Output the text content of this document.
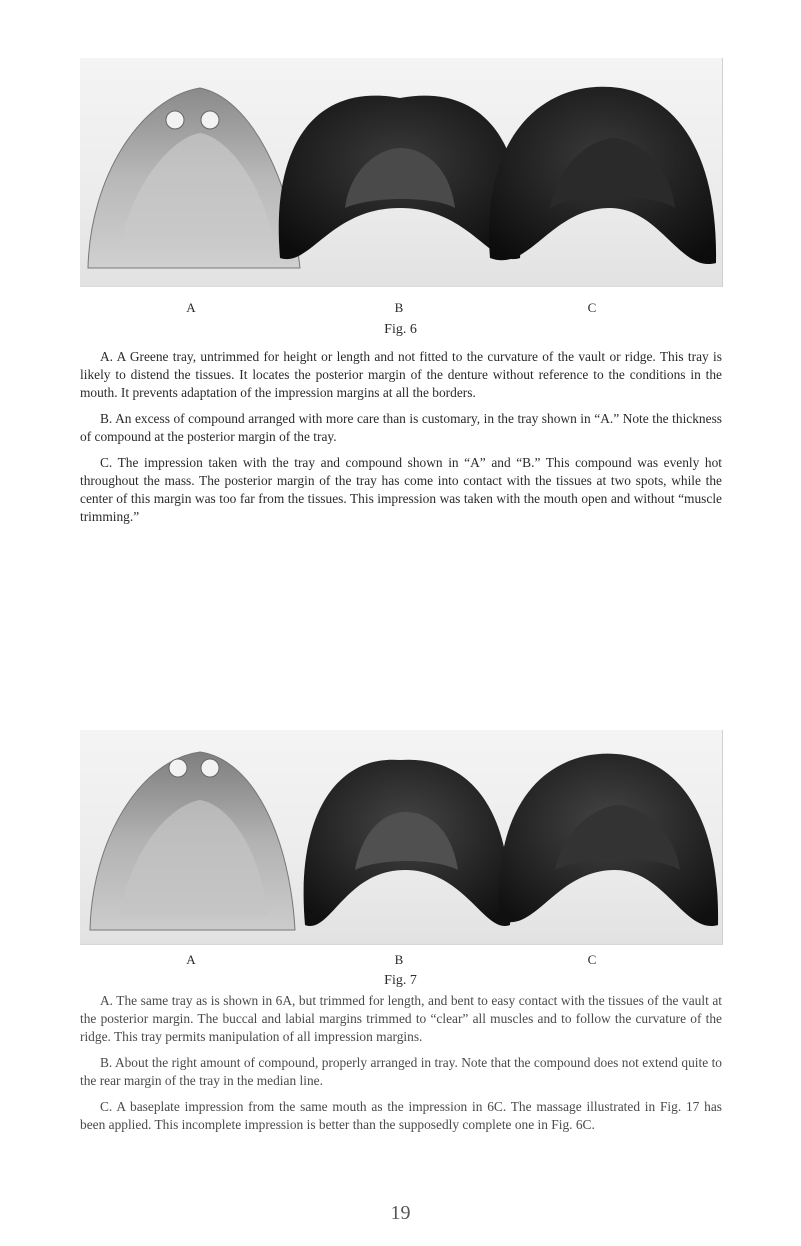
A	B	C
Fig. 6

A. A Greene tray, untrimmed for height or length and not fitted to the curvature of the vault or ridge. This tray is likely to distend the tissues. It locates the posterior margin of the denture without reference to the conditions in the mouth. It prevents adaptation of the impression margins at all the borders.

B. An excess of compound arranged with more care than is customary, in the tray shown in “A.” Note the thickness of compound at the posterior margin of the tray.

C. The impression taken with the tray and compound shown in “A” and “B.” This compound was evenly hot throughout the mass. The posterior margin of the tray has come into contact with the tissues at two spots, while the center of this margin was too far from the tissues. This impression was taken with the mouth open and without “muscle trimming.”

A	B	C
Fig. 7

A. The same tray as is shown in 6A, but trimmed for length, and bent to easy contact with the tissues of the vault at the posterior margin. The buccal and labial margins trimmed to “clear” all muscles and to follow the curvature of the ridge. This tray permits manipulation of all impression margins.

B. About the right amount of compound, properly arranged in tray. Note that the compound does not extend quite to the rear margin of the tray in the median line.

C. A baseplate impression from the same mouth as the impression in 6C. The massage illustrated in Fig. 17 has been applied. This incomplete impression is better than the supposedly complete one in Fig. 6C.

19
